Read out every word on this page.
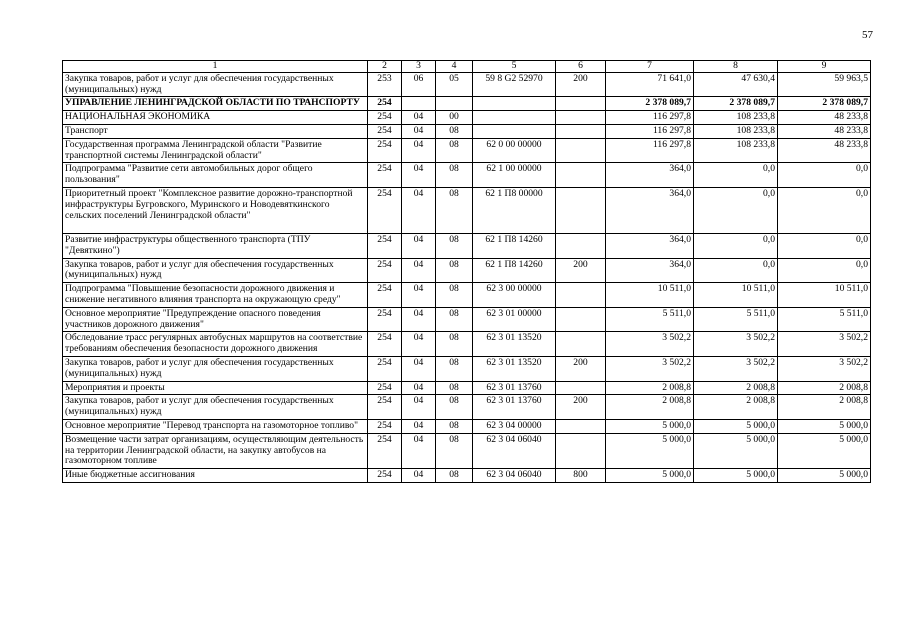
57
1	2	3	4	5	6	7	8	9
Закупка товаров, работ и услуг для обеспечения государственных (муниципальных) нужд	253	06	05	59 8 G2 52970	200	71 641,0	47 630,4	59 963,5
УПРАВЛЕНИЕ ЛЕНИНГРАДСКОЙ ОБЛАСТИ ПО ТРАНСПОРТУ	254					2 378 089,7	2 378 089,7	2 378 089,7
НАЦИОНАЛЬНАЯ ЭКОНОМИКА	254	04	00			116 297,8	108 233,8	48 233,8
Транспорт	254	04	08			116 297,8	108 233,8	48 233,8
Государственная программа Ленинградской области "Развитие транспортной системы Ленинградской области"	254	04	08	62 0 00 00000		116 297,8	108 233,8	48 233,8
Подпрограмма "Развитие сети автомобильных дорог общего пользования"	254	04	08	62 1 00 00000		364,0	0,0	0,0
Приоритетный проект "Комплексное развитие дорожно-транспортной инфраструктуры Бугровского, Муринского и Новодевяткинского сельских поселений Ленинградской области"	254	04	08	62 1 П8 00000		364,0	0,0	0,0
Развитие инфраструктуры общественного транспорта (ТПУ "Девяткино")	254	04	08	62 1 П8 14260		364,0	0,0	0,0
Закупка товаров, работ и услуг для обеспечения государственных (муниципальных) нужд	254	04	08	62 1 П8 14260	200	364,0	0,0	0,0
Подпрограмма "Повышение безопасности дорожного движения и снижение негативного влияния транспорта на окружающую среду"	254	04	08	62 3 00 00000		10 511,0	10 511,0	10 511,0
Основное мероприятие "Предупреждение опасного поведения участников дорожного движения"	254	04	08	62 3 01 00000		5 511,0	5 511,0	5 511,0
Обследование трасс регулярных автобусных маршрутов на соответствие требованиям обеспечения безопасности дорожного движения	254	04	08	62 3 01 13520		3 502,2	3 502,2	3 502,2
Закупка товаров, работ и услуг для обеспечения государственных (муниципальных) нужд	254	04	08	62 3 01 13520	200	3 502,2	3 502,2	3 502,2
Мероприятия и проекты	254	04	08	62 3 01 13760		2 008,8	2 008,8	2 008,8
Закупка товаров, работ и услуг для обеспечения государственных (муниципальных) нужд	254	04	08	62 3 01 13760	200	2 008,8	2 008,8	2 008,8
Основное мероприятие "Перевод транспорта на газомоторное топливо"	254	04	08	62 3 04 00000		5 000,0	5 000,0	5 000,0
Возмещение части затрат организациям, осуществляющим деятельность на территории Ленинградской области, на закупку автобусов на газомоторном топливе	254	04	08	62 3 04 06040		5 000,0	5 000,0	5 000,0
Иные бюджетные ассигнования	254	04	08	62 3 04 06040	800	5 000,0	5 000,0	5 000,0
